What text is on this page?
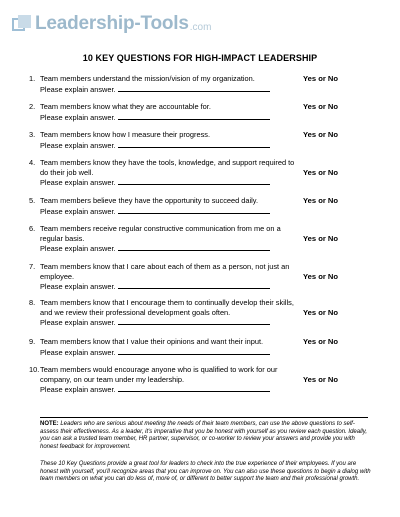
Leadership-Tools .com
10 KEY QUESTIONS FOR HIGH-IMPACT LEADERSHIP
1. Team members understand the mission/vision of my organization.
Please explain answer.
Yes or No
2. Team members know what they are accountable for.
Please explain answer.
Yes or No
3. Team members know how I measure their progress.
Please explain answer.
Yes or No
4. Team members know they have the tools, knowledge, and support required to do their job well.
Please explain answer.
Yes or No
5. Team members believe they have the opportunity to succeed daily.
Please explain answer.
Yes or No
6. Team members receive regular constructive communication from me on a regular basis.
Please explain answer.
Yes or No
7. Team members know that I care about each of them as a person, not just an employee.
Please explain answer.
Yes or No
8. Team members know that I encourage them to continually develop their skills, and we review their professional development goals often.
Please explain answer.
Yes or No
9. Team members know that I value their opinions and want their input.
Please explain answer.
Yes or No
10. Team members would encourage anyone who is qualified to work for our company, on our team under my leadership.
Please explain answer.
Yes or No
NOTE: Leaders who are serious about meeting the needs of their team members, can use the above questions to self-assess their effectiveness. As a leader, it's imperative that you be honest with yourself as you review each question. Ideally, you can ask a trusted team member, HR partner, supervisor, or co-worker to review your answers and provide you with honest feedback for improvement.
These 10 Key Questions provide a great tool for leaders to check into the true experience of their employees. If you are honest with yourself, you'll recognize areas that you can improve on. You can also use these questions to begin a dialog with team members on what you can do less of, more of, or different to better support the team and their professional growth.
